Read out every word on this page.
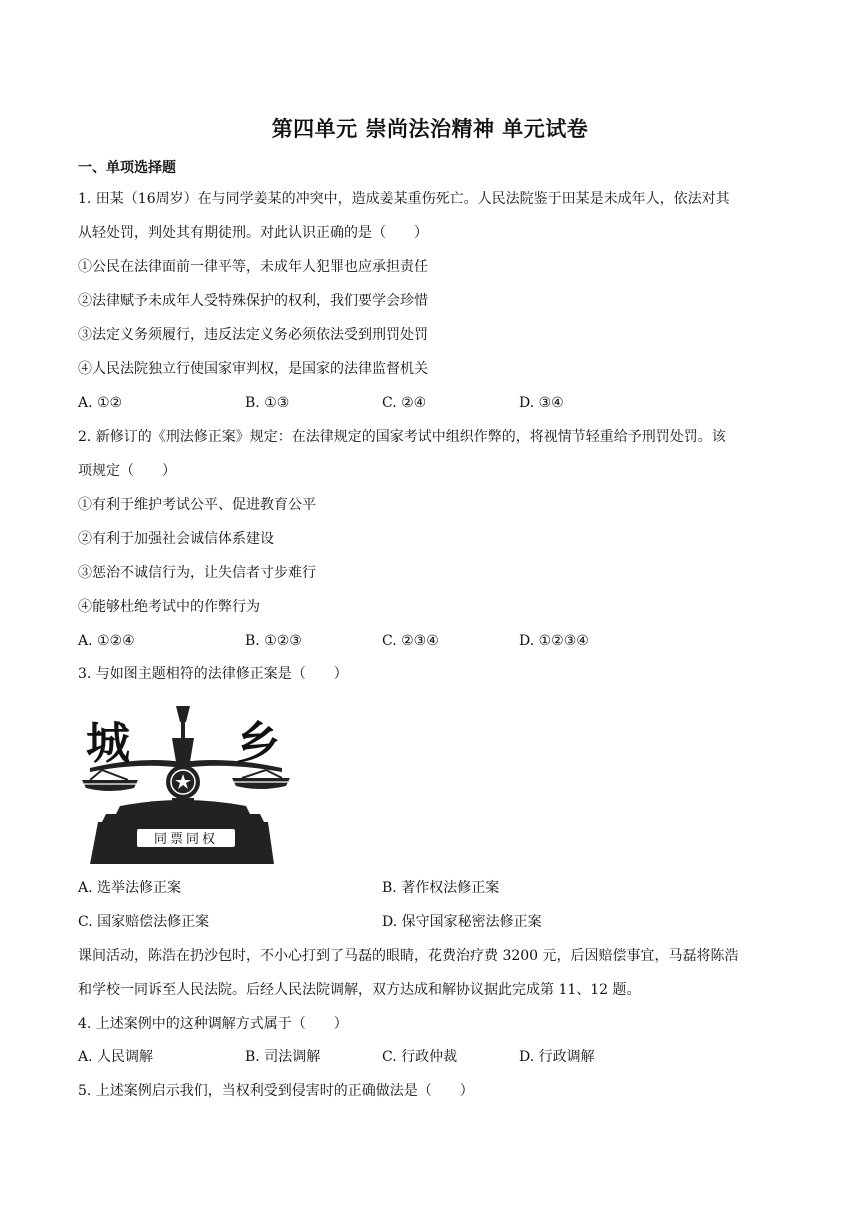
第四单元 崇尚法治精神 单元试卷
一、单项选择题
1. 田某（16周岁）在与同学姜某的冲突中，造成姜某重伤死亡。人民法院鉴于田某是未成年人，依法对其
从轻处罚，判处其有期徒刑。对此认识正确的是（　　）
①公民在法律面前一律平等，未成年人犯罪也应承担责任
②法律赋予未成年人受特殊保护的权利，我们要学会珍惜
③法定义务须履行，违反法定义务必须依法受到刑罚处罚
④人民法院独立行使国家审判权，是国家的法律监督机关
A. ①②	B. ①③	C. ②④	D. ③④
2. 新修订的《刑法修正案》规定：在法律规定的国家考试中组织作弊的，将视情节轻重给予刑罚处罚。该
项规定（　　）
①有利于维护考试公平、促进教育公平
②有利于加强社会诚信体系建设
③惩治不诚信行为，让失信者寸步难行
④能够杜绝考试中的作弊行为
A. ①②④	B. ①②③	C. ②③④	D. ①②③④
3. 与如图主题相符的法律修正案是（　　）
城 乡
同票同权
A. 选举法修正案	B. 著作权法修正案
C. 国家赔偿法修正案	D. 保守国家秘密法修正案
课间活动，陈浩在扔沙包时，不小心打到了马磊的眼睛，花费治疗费 3200 元，后因赔偿事宜，马磊将陈浩
和学校一同诉至人民法院。后经人民法院调解，双方达成和解协议据此完成第 11、12 题。
4. 上述案例中的这种调解方式属于（　　）
A. 人民调解	B. 司法调解	C. 行政仲裁	D. 行政调解
5. 上述案例启示我们，当权利受到侵害时的正确做法是（　　）
